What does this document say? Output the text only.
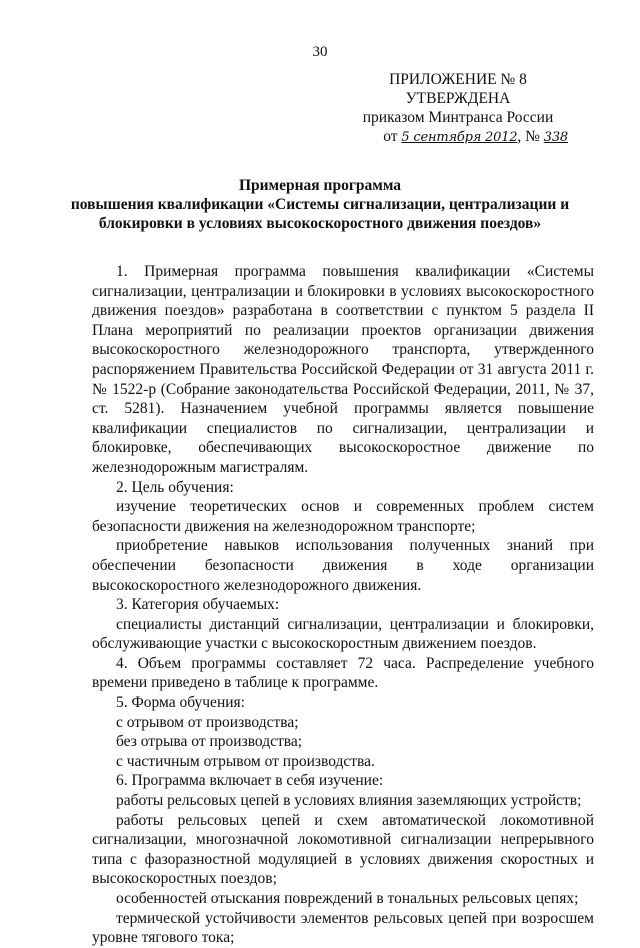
30
ПРИЛОЖЕНИЕ № 8
УТВЕРЖДЕНА
приказом Минтранса России
от 5 сентября 2012, № 338
Примерная программа
повышения квалификации «Системы сигнализации, централизации и
блокировки в условиях высокоскоростного движения поездов»

1. Примерная программа повышения квалификации «Системы сигнализации, централизации и блокировки в условиях высокоскоростного движения поездов» разработана в соответствии с пунктом 5 раздела II Плана мероприятий по реализации проектов организации движения высокоскоростного железнодорожного транспорта, утвержденного распоряжением Правительства Российской Федерации от 31 августа 2011 г. № 1522-р (Собрание законодательства Российской Федерации, 2011, № 37, ст. 5281). Назначением учебной программы является повышение квалификации специалистов по сигнализации, централизации и блокировке, обеспечивающих высокоскоростное движение по железнодорожным магистралям.

2. Цель обучения:

изучение теоретических основ и современных проблем систем безопасности движения на железнодорожном транспорте;

приобретение навыков использования полученных знаний при обеспечении безопасности движения в ходе организации высокоскоростного железнодорожного движения.

3. Категория обучаемых:

специалисты дистанций сигнализации, централизации и блокировки, обслуживающие участки с высокоскоростным движением поездов.

4. Объем программы составляет 72 часа. Распределение учебного времени приведено в таблице к программе.

5. Форма обучения:

с отрывом от производства;

без отрыва от производства;

с частичным отрывом от производства.

6. Программа включает в себя изучение:

работы рельсовых цепей в условиях влияния заземляющих устройств;

работы рельсовых цепей и схем автоматической локомотивной сигнализации, многозначной локомотивной сигнализации непрерывного типа с фазоразностной модуляцией в условиях движения скоростных и высокоскоростных поездов;

особенностей отыскания повреждений в тональных рельсовых цепях;

термической устойчивости элементов рельсовых цепей при возросшем уровне тягового тока;
